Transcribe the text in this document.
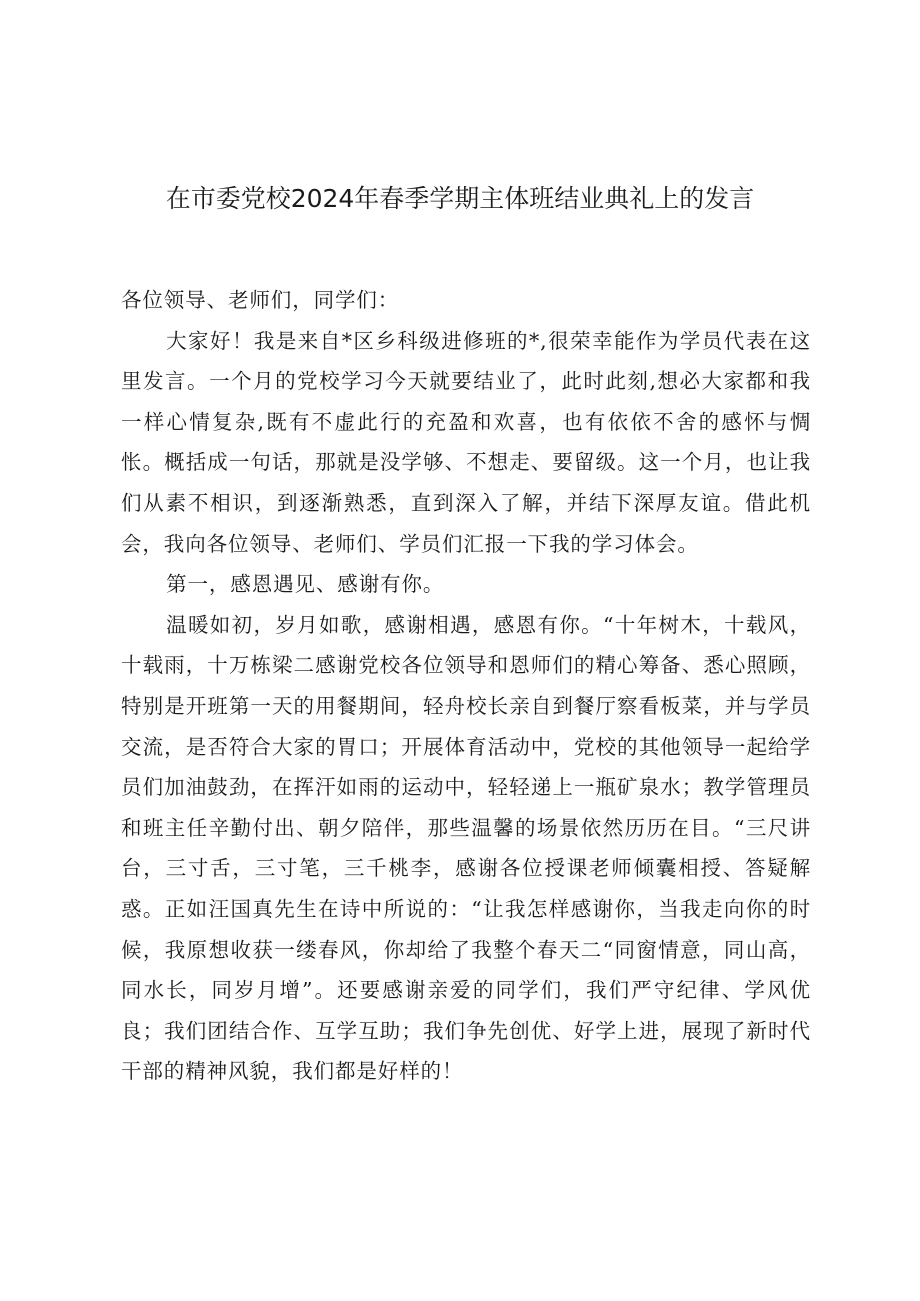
在市委党校2024年春季学期主体班结业典礼上的发言

各位领导、老师们，同学们：

大家好！我是来自*区乡科级进修班的*,很荣幸能作为学员代表在这里发言。一个月的党校学习今天就要结业了，此时此刻,想必大家都和我一样心情复杂,既有不虚此行的充盈和欢喜，也有依依不舍的感怀与惆怅。概括成一句话，那就是没学够、不想走、要留级。这一个月，也让我们从素不相识，到逐渐熟悉，直到深入了解，并结下深厚友谊。借此机会，我向各位领导、老师们、学员们汇报一下我的学习体会。

第一，感恩遇见、感谢有你。

温暖如初，岁月如歌，感谢相遇，感恩有你。“十年树木，十载风，十载雨，十万栋梁二感谢党校各位领导和恩师们的精心筹备、悉心照顾，特别是开班第一天的用餐期间，轻舟校长亲自到餐厅察看板菜，并与学员交流，是否符合大家的胃口；开展体育活动中，党校的其他领导一起给学员们加油鼓劲，在挥汗如雨的运动中，轻轻递上一瓶矿泉水；教学管理员和班主任辛勤付出、朝夕陪伴，那些温馨的场景依然历历在目。“三尺讲台，三寸舌，三寸笔，三千桃李，感谢各位授课老师倾囊相授、答疑解惑。正如汪国真先生在诗中所说的：“让我怎样感谢你，当我走向你的时候，我原想收获一缕春风，你却给了我整个春天二“同窗情意，同山高，同水长，同岁月增”。还要感谢亲爱的同学们，我们严守纪律、学风优良；我们团结合作、互学互助；我们争先创优、好学上进，展现了新时代干部的精神风貌，我们都是好样的！
